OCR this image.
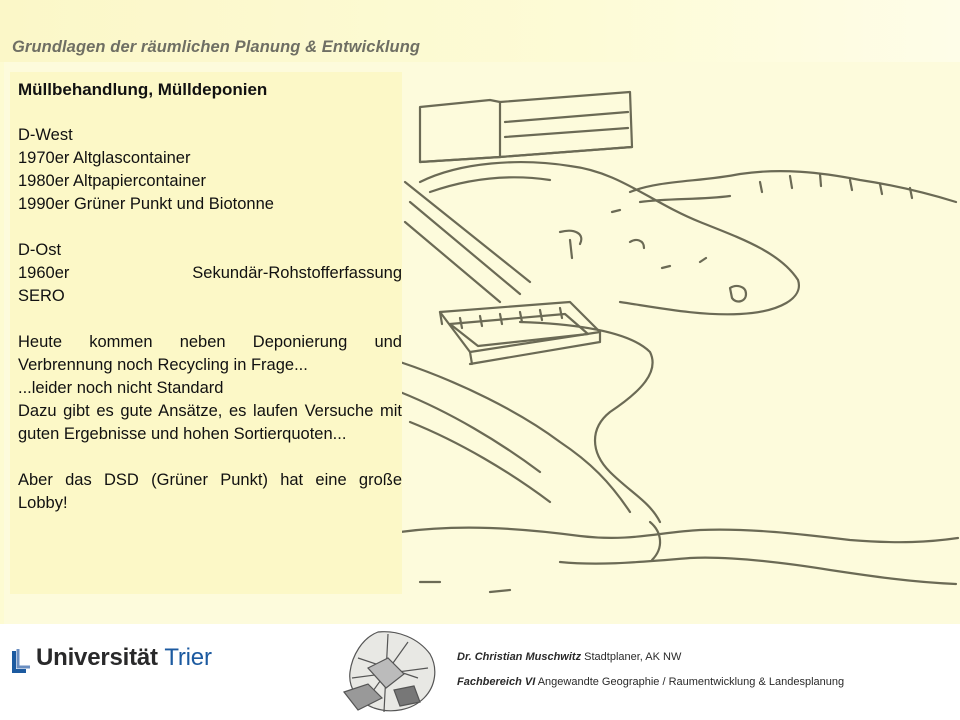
Grundlagen der räumlichen Planung & Entwicklung

Müllbehandlung, Mülldeponien

D-West

1970er Altglascontainer

1980er Altpapiercontainer

1990er Grüner Punkt und Biotonne

D-Ost

1960er Sekundär-Rohstofferfassung

SERO

Heute kommen neben Deponierung und Verbrennung noch Recycling in Frage...

...leider noch nicht Standard

Dazu gibt es gute Ansätze, es laufen Versuche mit guten Ergebnisse und hohen Sortierquoten...

Aber das DSD (Grüner Punkt) hat eine große Lobby!

Universität Trier	Dr. Christian Muschwitz Stadtplaner, AK NW
Fachbereich VI Angewandte Geographie / Raumentwicklung & Landesplanung
